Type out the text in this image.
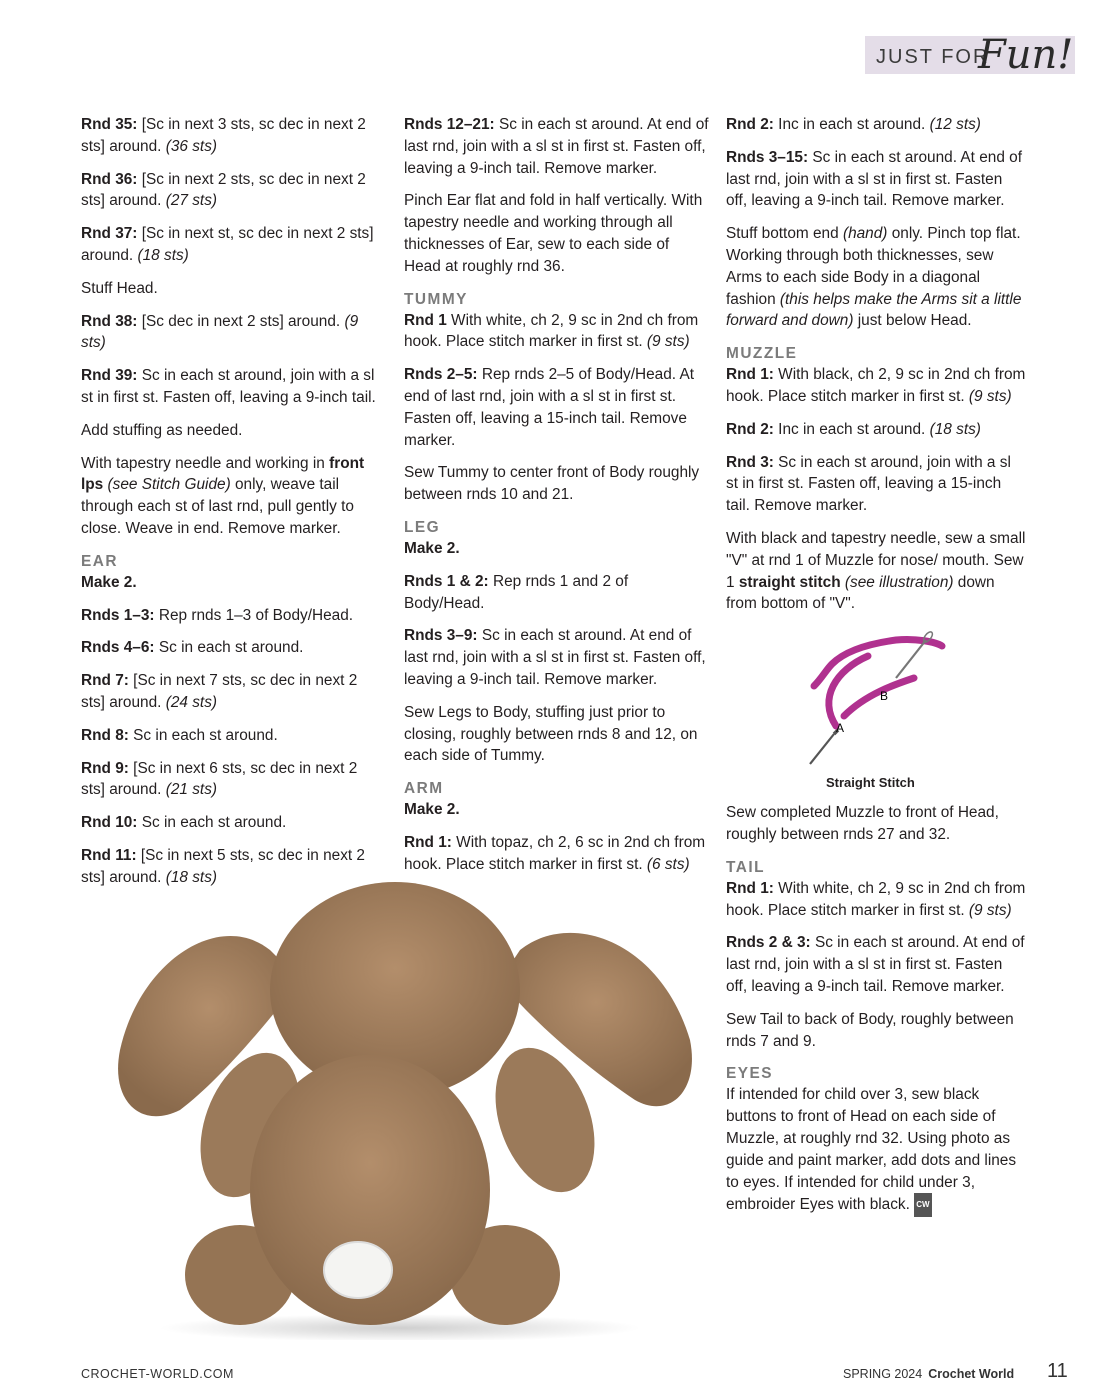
JUST FOR
Fun!

Rnd 35: [Sc in next 3 sts, sc dec in next 2 sts] around. (36 sts)

Rnd 36: [Sc in next 2 sts, sc dec in next 2 sts] around. (27 sts)

Rnd 37: [Sc in next st, sc dec in next 2 sts] around. (18 sts)

Stuff Head.

Rnd 38: [Sc dec in next 2 sts] around. (9 sts)

Rnd 39: Sc in each st around, join with a sl st in first st. Fasten off, leaving a 9-inch tail.

Add stuffing as needed.

With tapestry needle and working in front lps (see Stitch Guide) only, weave tail through each st of last rnd, pull gently to close. Weave in end. Remove marker.

EAR
Make 2.

Rnds 1–3: Rep rnds 1–3 of Body/Head.

Rnds 4–6: Sc in each st around.

Rnd 7: [Sc in next 7 sts, sc dec in next 2 sts] around. (24 sts)

Rnd 8: Sc in each st around.

Rnd 9: [Sc in next 6 sts, sc dec in next 2 sts] around. (21 sts)

Rnd 10: Sc in each st around.

Rnd 11: [Sc in next 5 sts, sc dec in next 2 sts] around. (18 sts)

Rnds 12–21: Sc in each st around. At end of last rnd, join with a sl st in first st. Fasten off, leaving a 9-inch tail. Remove marker.

Pinch Ear flat and fold in half vertically. With tapestry needle and working through all thicknesses of Ear, sew to each side of Head at roughly rnd 36.

TUMMY

Rnd 1 With white, ch 2, 9 sc in 2nd ch from hook. Place stitch marker in first st. (9 sts)

Rnds 2–5: Rep rnds 2–5 of Body/Head. At end of last rnd, join with a sl st in first st. Fasten off, leaving a 15-inch tail. Remove marker.

Sew Tummy to center front of Body roughly between rnds 10 and 21.

LEG
Make 2.

Rnds 1 & 2: Rep rnds 1 and 2 of Body/Head.

Rnds 3–9: Sc in each st around. At end of last rnd, join with a sl st in first st. Fasten off, leaving a 9-inch tail. Remove marker.

Sew Legs to Body, stuffing just prior to closing, roughly between rnds 8 and 12, on each side of Tummy.

ARM
Make 2.

Rnd 1: With topaz, ch 2, 6 sc in 2nd ch from hook. Place stitch marker in first st. (6 sts)

Rnd 2: Inc in each st around. (12 sts)

Rnds 3–15: Sc in each st around. At end of last rnd, join with a sl st in first st. Fasten off, leaving a 9-inch tail. Remove marker.

Stuff bottom end (hand) only. Pinch top flat. Working through both thicknesses, sew Arms to each side Body in a diagonal fashion (this helps make the Arms sit a little forward and down) just below Head.

MUZZLE

Rnd 1: With black, ch 2, 9 sc in 2nd ch from hook. Place stitch marker in first st. (9 sts)

Rnd 2: Inc in each st around. (18 sts)

Rnd 3: Sc in each st around, join with a sl st in first st. Fasten off, leaving a 15-inch tail. Remove marker.

With black and tapestry needle, sew a small "V" at rnd 1 of Muzzle for nose/ mouth. Sew 1 straight stitch (see illustration) down from bottom of "V".

A
B
Straight Stitch

Sew completed Muzzle to front of Head, roughly between rnds 27 and 32.

TAIL

Rnd 1: With white, ch 2, 9 sc in 2nd ch from hook. Place stitch marker in first st. (9 sts)

Rnds 2 & 3: Sc in each st around. At end of last rnd, join with a sl st in first st. Fasten off, leaving a 9-inch tail. Remove marker.

Sew Tail to back of Body, roughly between rnds 7 and 9.

EYES

If intended for child over 3, sew black buttons to front of Head on each side of Muzzle, at roughly rnd 32. Using photo as guide and paint marker, add dots and lines to eyes. If intended for child under 3, embroider Eyes with black. CW

CROCHET-WORLD.COM	SPRING 2024 Crochet World 11
